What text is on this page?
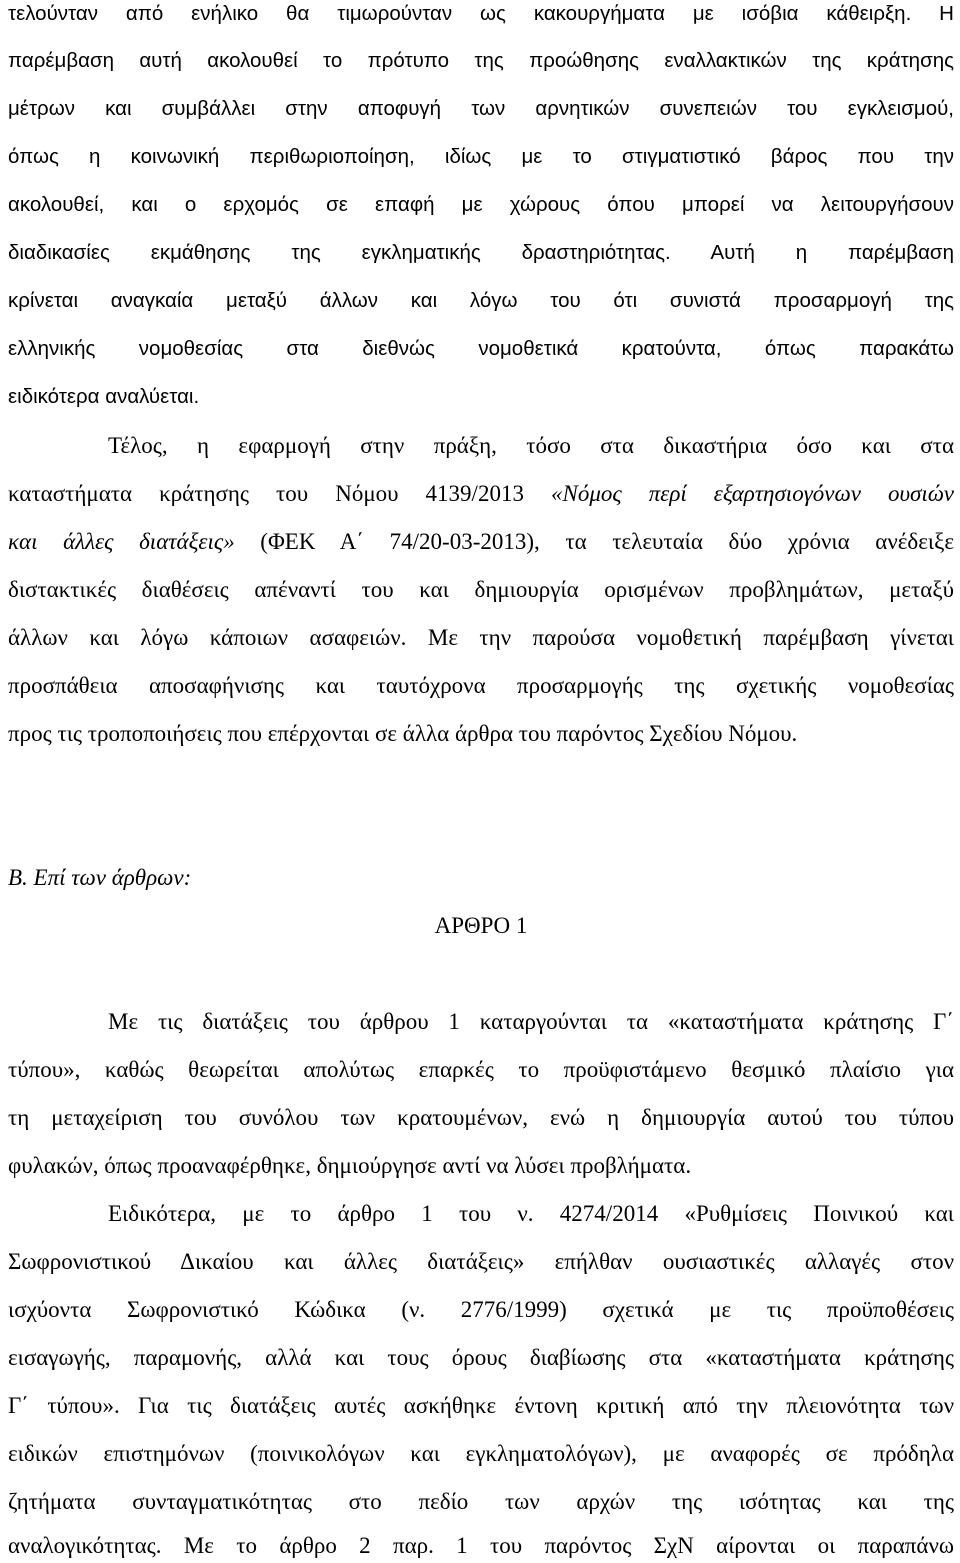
τελούνταν από ενήλικο θα τιμωρούνταν ως κακουργήματα με ισόβια κάθειρξη. Η
παρέμβαση αυτή ακολουθεί το πρότυπο της προώθησης εναλλακτικών της κράτησης
μέτρων και συμβάλλει στην αποφυγή των αρνητικών συνεπειών του εγκλεισμού,
όπως η κοινωνική περιθωριοποίηση, ιδίως με το στιγματιστικό βάρος που την
ακολουθεί, και ο ερχομός σε επαφή με χώρους όπου μπορεί να λειτουργήσουν
διαδικασίες εκμάθησης της εγκληματικής δραστηριότητας. Αυτή η παρέμβαση
κρίνεται αναγκαία μεταξύ άλλων και λόγω του ότι συνιστά προσαρμογή της
ελληνικής νομοθεσίας στα διεθνώς νομοθετικά κρατούντα, όπως παρακάτω
ειδικότερα αναλύεται.
Τέλος, η εφαρμογή στην πράξη, τόσο στα δικαστήρια όσο και στα
καταστήματα κράτησης του Νόμου 4139/2013 «Νόμος περί εξαρτησιογόνων ουσιών
και άλλες διατάξεις» (ΦΕΚ Α΄ 74/20-03-2013), τα τελευταία δύο χρόνια ανέδειξε
διστακτικές διαθέσεις απέναντί του και δημιουργία ορισμένων προβλημάτων, μεταξύ
άλλων και λόγω κάποιων ασαφειών. Με την παρούσα νομοθετική παρέμβαση γίνεται
προσπάθεια αποσαφήνισης και ταυτόχρονα προσαρμογής της σχετικής νομοθεσίας
προς τις τροποποιήσεις που επέρχονται σε άλλα άρθρα του παρόντος Σχεδίου Νόμου.
Β. Επί των άρθρων:
ΑΡΘΡΟ 1
Με τις διατάξεις του άρθρου 1 καταργούνται τα «καταστήματα κράτησης Γ΄
τύπου», καθώς θεωρείται απολύτως επαρκές το προϋφιστάμενο θεσμικό πλαίσιο για
τη μεταχείριση του συνόλου των κρατουμένων, ενώ η δημιουργία αυτού του τύπου
φυλακών, όπως προαναφέρθηκε, δημιούργησε αντί να λύσει προβλήματα.
Ειδικότερα, με το άρθρο 1 του ν. 4274/2014 «Ρυθμίσεις Ποινικού και
Σωφρονιστικού Δικαίου και άλλες διατάξεις» επήλθαν ουσιαστικές αλλαγές στον
ισχύοντα Σωφρονιστικό Κώδικα (ν. 2776/1999) σχετικά με τις προϋποθέσεις
εισαγωγής, παραμονής, αλλά και τους όρους διαβίωσης στα «καταστήματα κράτησης
Γ΄ τύπου». Για τις διατάξεις αυτές ασκήθηκε έντονη κριτική από την πλειονότητα των
ειδικών επιστημόνων (ποινικολόγων και εγκληματολόγων), με αναφορές σε πρόδηλα
ζητήματα συνταγματικότητας στο πεδίο των αρχών της ισότητας και της
αναλογικότητας. Με το άρθρο 2 παρ. 1 του παρόντος ΣχΝ αίρονται οι παραπάνω
